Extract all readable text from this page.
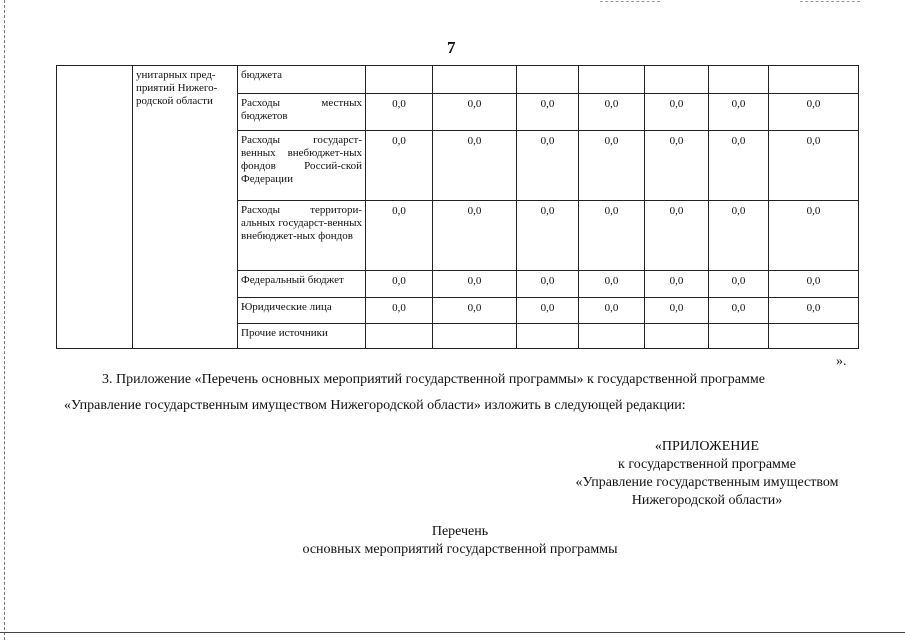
7
	унитарных пред-приятий Нижего-родской области	бюджета							
		Расходы местных бюджетов	0,0	0,0	0,0	0,0	0,0	0,0	0,0
		Расходы государст-венных внебюджет-ных фондов Россий-ской Федерации	0,0	0,0	0,0	0,0	0,0	0,0	0,0
		Расходы территори-альных государст-венных внебюджет-ных фондов	0,0	0,0	0,0	0,0	0,0	0,0	0,0
		Федеральный бюджет	0,0	0,0	0,0	0,0	0,0	0,0	0,0
		Юридические лица	0,0	0,0	0,0	0,0	0,0	0,0	0,0
		Прочие источники							
».
3. Приложение «Перечень основных мероприятий государственной программы» к государственной программе
«Управление государственным имуществом Нижегородской области» изложить в следующей редакции:
«ПРИЛОЖЕНИЕ
к государственной программе
«Управление государственным имуществом
Нижегородской области»
Перечень
основных мероприятий государственной программы
